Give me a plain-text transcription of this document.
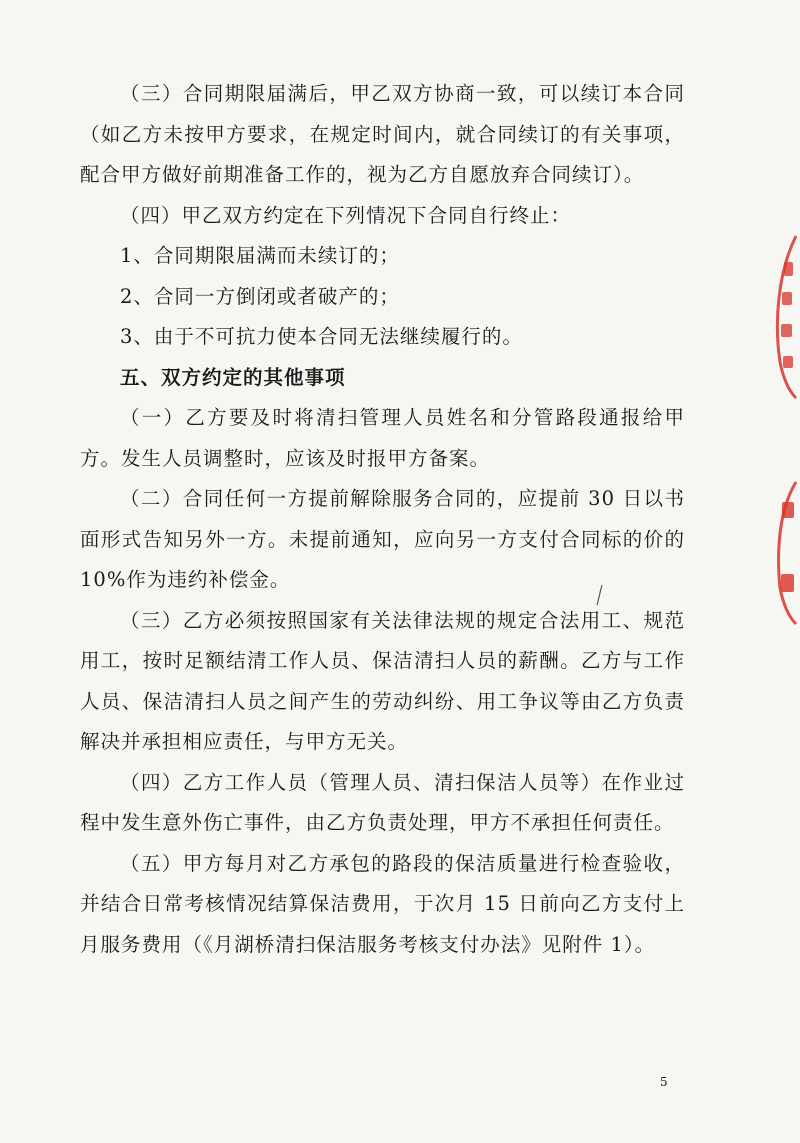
（三）合同期限届满后，甲乙双方协商一致，可以续订本合同（如乙方未按甲方要求，在规定时间内，就合同续订的有关事项，配合甲方做好前期准备工作的，视为乙方自愿放弃合同续订）。

（四）甲乙双方约定在下列情况下合同自行终止：

1、合同期限届满而未续订的；

2、合同一方倒闭或者破产的；

3、由于不可抗力使本合同无法继续履行的。

五、双方约定的其他事项

（一）乙方要及时将清扫管理人员姓名和分管路段通报给甲方。发生人员调整时，应该及时报甲方备案。

（二）合同任何一方提前解除服务合同的，应提前 30 日以书面形式告知另外一方。未提前通知，应向另一方支付合同标的价的 10%作为违约补偿金。

（三）乙方必须按照国家有关法律法规的规定合法用工、规范用工，按时足额结清工作人员、保洁清扫人员的薪酬。乙方与工作人员、保洁清扫人员之间产生的劳动纠纷、用工争议等由乙方负责解决并承担相应责任，与甲方无关。

（四）乙方工作人员（管理人员、清扫保洁人员等）在作业过程中发生意外伤亡事件，由乙方负责处理，甲方不承担任何责任。

（五）甲方每月对乙方承包的路段的保洁质量进行检查验收，并结合日常考核情况结算保洁费用，于次月 15 日前向乙方支付上月服务费用（《月湖桥清扫保洁服务考核支付办法》见附件 1）。

5
